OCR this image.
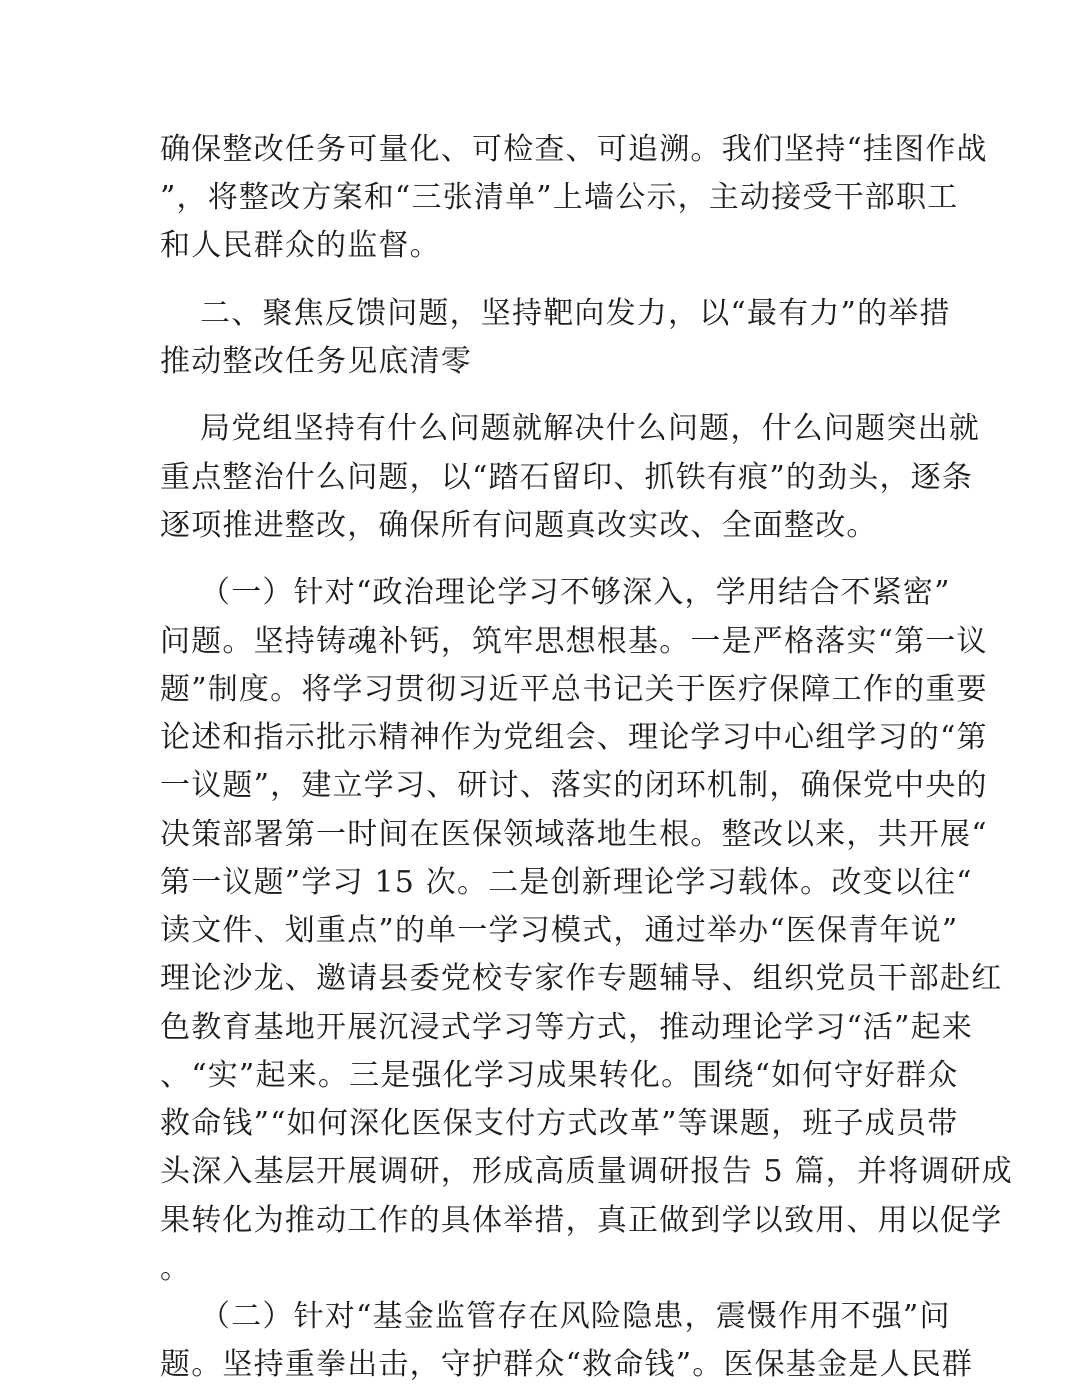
确保整改任务可量化、可检查、可追溯。我们坚持“挂图作战
”，将整改方案和“三张清单”上墙公示，主动接受干部职工
和人民群众的监督。
二、聚焦反馈问题，坚持靶向发力，以“最有力”的举措
推动整改任务见底清零
局党组坚持有什么问题就解决什么问题，什么问题突出就
重点整治什么问题，以“踏石留印、抓铁有痕”的劲头，逐条
逐项推进整改，确保所有问题真改实改、全面整改。
（一）针对“政治理论学习不够深入，学用结合不紧密”
问题。坚持铸魂补钙，筑牢思想根基。一是严格落实“第一议
题”制度。将学习贯彻习近平总书记关于医疗保障工作的重要
论述和指示批示精神作为党组会、理论学习中心组学习的“第
一议题”，建立学习、研讨、落实的闭环机制，确保党中央的
决策部署第一时间在医保领域落地生根。整改以来，共开展“
第一议题”学习 15 次。二是创新理论学习载体。改变以往“
读文件、划重点”的单一学习模式，通过举办“医保青年说”
理论沙龙、邀请县委党校专家作专题辅导、组织党员干部赴红
色教育基地开展沉浸式学习等方式，推动理论学习“活”起来
、“实”起来。三是强化学习成果转化。围绕“如何守好群众
救命钱”“如何深化医保支付方式改革”等课题，班子成员带
头深入基层开展调研，形成高质量调研报告 5 篇，并将调研成
果转化为推动工作的具体举措，真正做到学以致用、用以促学
。
（二）针对“基金监管存在风险隐患，震慑作用不强”问
题。坚持重拳出击，守护群众“救命钱”。医保基金是人民群
